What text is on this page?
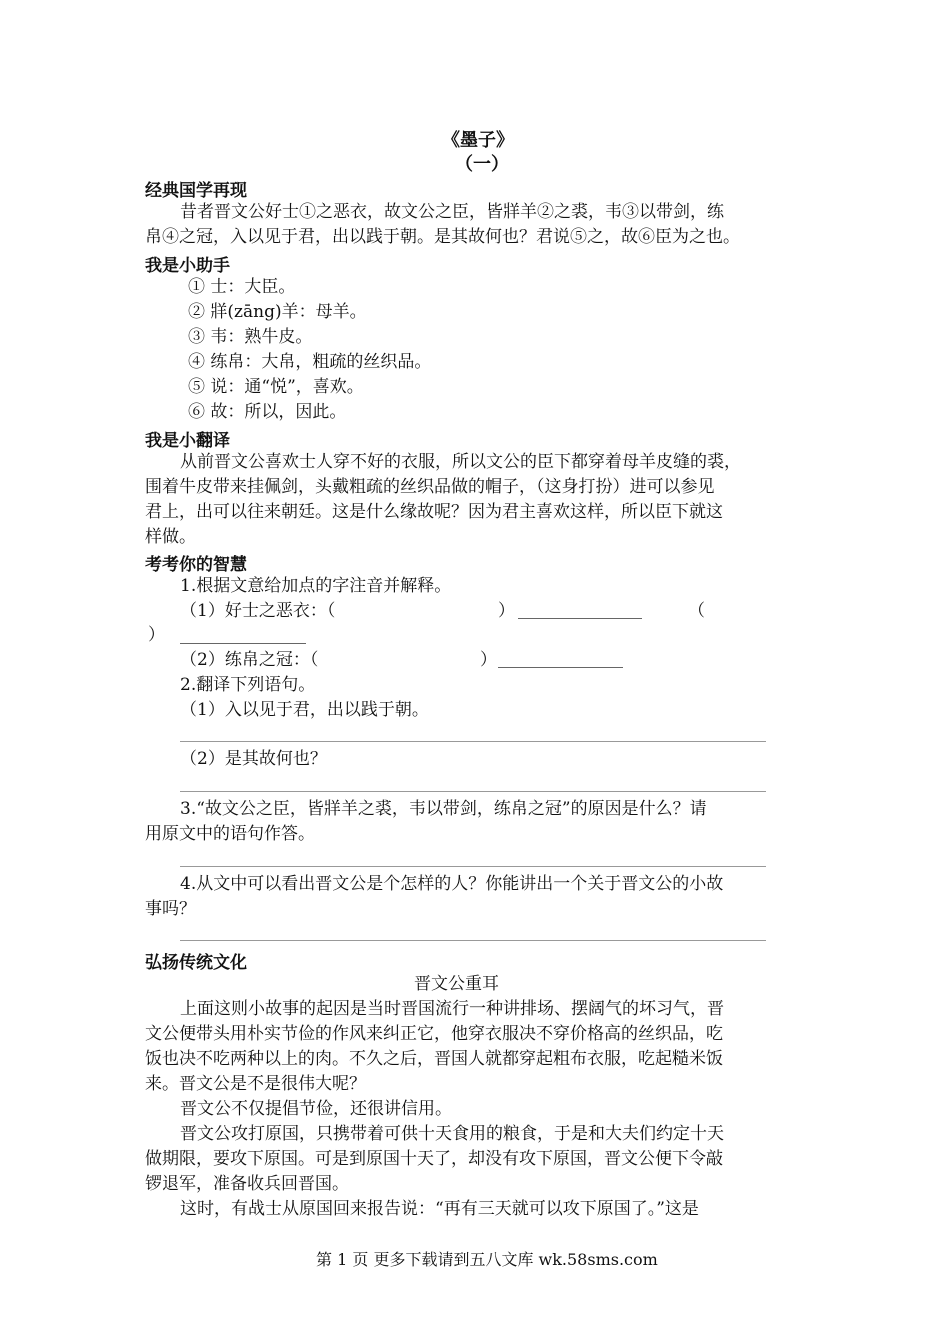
《墨子》
（一）
经典国学再现
昔者晋文公好士①之恶衣，故文公之臣，皆牂羊②之裘，韦③以带剑，练
帛④之冠，入以见于君，出以践于朝。是其故何也？君说⑤之，故⑥臣为之也。
我是小助手
① 士：大臣。
② 牂(zāng)羊：母羊。
③ 韦：熟牛皮。
④ 练帛：大帛，粗疏的丝织品。
⑤ 说：通“悦”，喜欢。
⑥ 故：所以，因此。
我是小翻译
从前晋文公喜欢士人穿不好的衣服，所以文公的臣下都穿着母羊皮缝的裘，
围着牛皮带来挂佩剑，头戴粗疏的丝织品做的帽子，（这身打扮）进可以参见
君上，出可以往来朝廷。这是什么缘故呢？因为君主喜欢这样，所以臣下就这
样做。
考考你的智慧
1.根据文意给加点的字注音并解释。
（1）好士之恶衣：（	）	（
）
（2）练帛之冠：（	）
2.翻译下列语句。
（1）入以见于君，出以践于朝。
（2）是其故何也？
3.“故文公之臣，皆牂羊之裘，韦以带剑，练帛之冠”的原因是什么？请
用原文中的语句作答。
4.从文中可以看出晋文公是个怎样的人？你能讲出一个关于晋文公的小故
事吗？
弘扬传统文化
晋文公重耳
上面这则小故事的起因是当时晋国流行一种讲排场、摆阔气的坏习气，晋
文公便带头用朴实节俭的作风来纠正它，他穿衣服决不穿价格高的丝织品，吃
饭也决不吃两种以上的肉。不久之后，晋国人就都穿起粗布衣服，吃起糙米饭
来。晋文公是不是很伟大呢？
晋文公不仅提倡节俭，还很讲信用。
晋文公攻打原国，只携带着可供十天食用的粮食，于是和大夫们约定十天
做期限，要攻下原国。可是到原国十天了，却没有攻下原国，晋文公便下令敲
锣退军，准备收兵回晋国。
这时，有战士从原国回来报告说：“再有三天就可以攻下原国了。”这是
第 1 页 更多下载请到五八文库 wk.58sms.com
